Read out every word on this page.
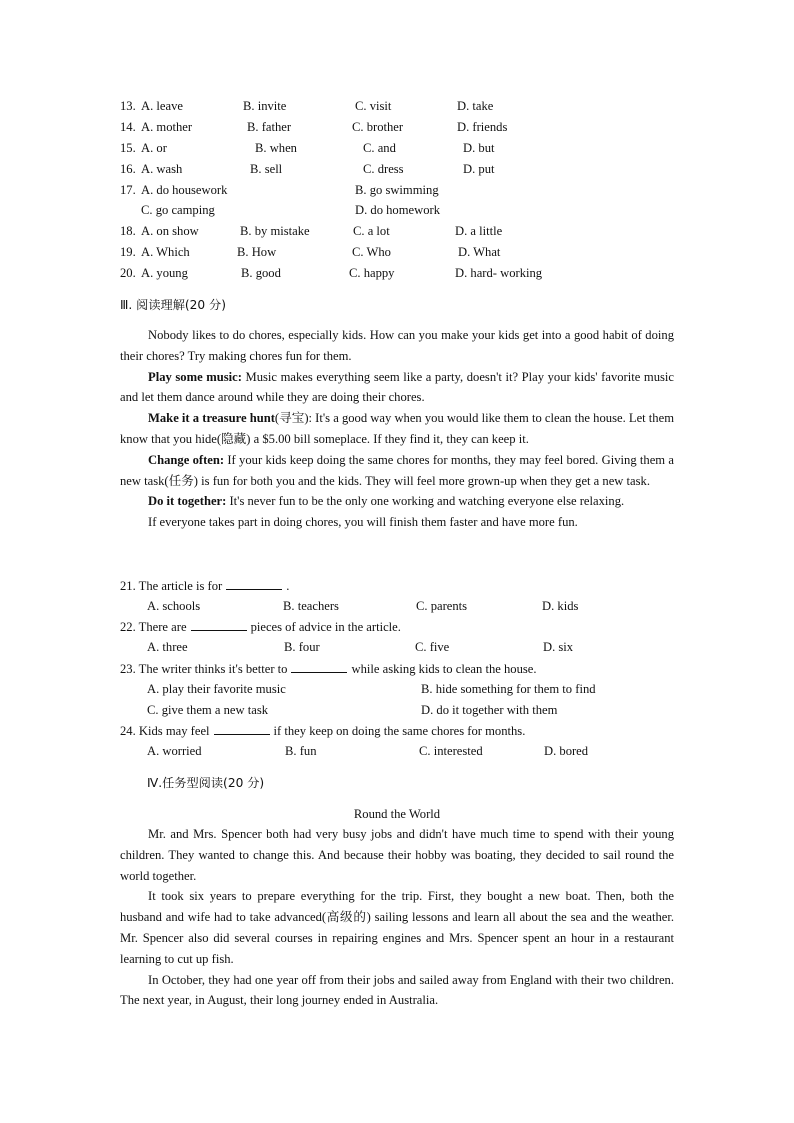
13. A. leave	B. invite	C. visit	D. take
14. A. mother	B. father	C. brother	D. friends
15. A. or	B. when	C. and	D. but
16. A. wash	B. sell	C. dress	D. put
17. A. do housework	B. go swimming
C. go camping	D. do homework
18. A. on show	B. by mistake	C. a lot	D. a little
19. A. Which	B. How	C. Who	D. What
20. A. young	B. good	C. happy	D. hard- working
Ⅲ. 阅读理解(20 分)

Nobody likes to do chores, especially kids. How can you make your kids get into a good habit of doing their chores? Try making chores fun for them.

Play some music: Music makes everything seem like a party, doesn't it? Play your kids' favorite music and let them dance around while they are doing their chores.

Make it a treasure hunt(寻宝): It's a good way when you would like them to clean the house. Let them know that you hide(隐藏) a $5.00 bill someplace. If they find it, they can keep it.

Change often: If your kids keep doing the same chores for months, they may feel bored. Giving them a new task(任务) is fun for both you and the kids. They will feel more grown-up when they get a new task.

Do it together: It's never fun to be the only one working and watching everyone else relaxing.

If everyone takes part in doing chores, you will finish them faster and have more fun.

21. The article is for	.
A. schools	B. teachers	C. parents	D. kids
22. There are	pieces of advice in the article.
A. three	B. four	C. five	D. six
23. The writer thinks it's better to	while asking kids to clean the house.
A. play their favorite music	B. hide something for them to find
C. give them a new task	D. do it together with them
24. Kids may feel	if they keep on doing the same chores for months.
A. worried	B. fun	C. interested	D. bored
Ⅳ.任务型阅读(20 分)
Round the World

Mr. and Mrs. Spencer both had very busy jobs and didn't have much time to spend with their young children. They wanted to change this. And because their hobby was boating, they decided to sail round the world together.

It took six years to prepare everything for the trip. First, they bought a new boat. Then, both the husband and wife had to take advanced(高级的) sailing lessons and learn all about the sea and the weather. Mr. Spencer also did several courses in repairing engines and Mrs. Spencer spent an hour in a restaurant learning to cut up fish.

In October, they had one year off from their jobs and sailed away from England with their two children. The next year, in August, their long journey ended in Australia.
